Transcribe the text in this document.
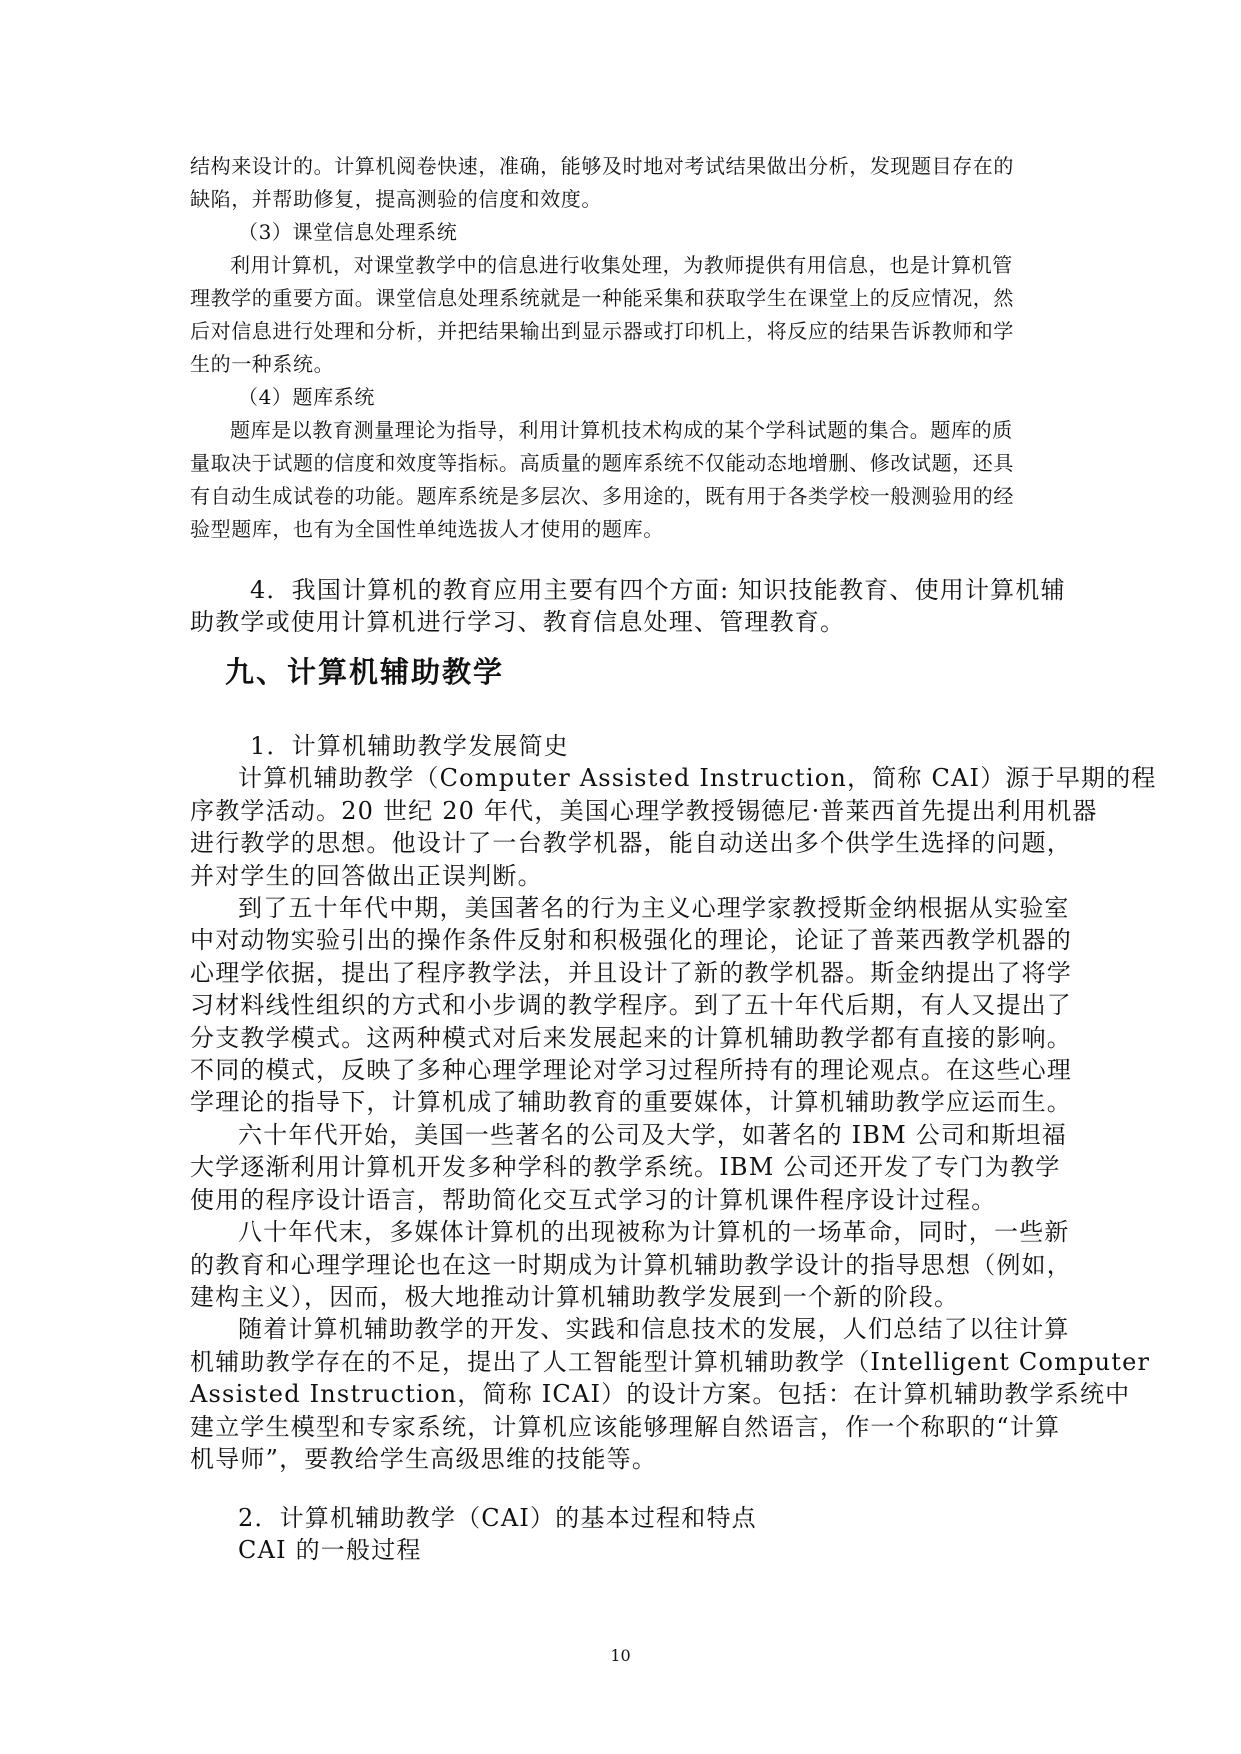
结构来设计的。计算机阅卷快速，准确，能够及时地对考试结果做出分析，发现题目存在的
缺陷，并帮助修复，提高测验的信度和效度。
（3）课堂信息处理系统
利用计算机，对课堂教学中的信息进行收集处理，为教师提供有用信息，也是计算机管
理教学的重要方面。课堂信息处理系统就是一种能采集和获取学生在课堂上的反应情况，然
后对信息进行处理和分析，并把结果输出到显示器或打印机上，将反应的结果告诉教师和学
生的一种系统。
（4）题库系统
题库是以教育测量理论为指导，利用计算机技术构成的某个学科试题的集合。题库的质
量取决于试题的信度和效度等指标。高质量的题库系统不仅能动态地增删、修改试题，还具
有自动生成试卷的功能。题库系统是多层次、多用途的，既有用于各类学校一般测验用的经
验型题库，也有为全国性单纯选拔人才使用的题库。
4．我国计算机的教育应用主要有四个方面: 知识技能教育、使用计算机辅
助教学或使用计算机进行学习、教育信息处理、管理教育。
九、计算机辅助教学
1．计算机辅助教学发展简史
计算机辅助教学（Computer Assisted Instruction，简称 CAI）源于早期的程
序教学活动。20 世纪 20 年代，美国心理学教授锡德尼·普莱西首先提出利用机器
进行教学的思想。他设计了一台教学机器，能自动送出多个供学生选择的问题，
并对学生的回答做出正误判断。
到了五十年代中期，美国著名的行为主义心理学家教授斯金纳根据从实验室
中对动物实验引出的操作条件反射和积极强化的理论，论证了普莱西教学机器的
心理学依据，提出了程序教学法，并且设计了新的教学机器。斯金纳提出了将学
习材料线性组织的方式和小步调的教学程序。到了五十年代后期，有人又提出了
分支教学模式。这两种模式对后来发展起来的计算机辅助教学都有直接的影响。
不同的模式，反映了多种心理学理论对学习过程所持有的理论观点。在这些心理
学理论的指导下，计算机成了辅助教育的重要媒体，计算机辅助教学应运而生。
六十年代开始，美国一些著名的公司及大学，如著名的 IBM 公司和斯坦福
大学逐渐利用计算机开发多种学科的教学系统。IBM 公司还开发了专门为教学
使用的程序设计语言，帮助简化交互式学习的计算机课件程序设计过程。
八十年代末，多媒体计算机的出现被称为计算机的一场革命，同时，一些新
的教育和心理学理论也在这一时期成为计算机辅助教学设计的指导思想（例如，
建构主义），因而，极大地推动计算机辅助教学发展到一个新的阶段。
随着计算机辅助教学的开发、实践和信息技术的发展，人们总结了以往计算
机辅助教学存在的不足，提出了人工智能型计算机辅助教学（Intelligent Computer
Assisted Instruction，简称 ICAI）的设计方案。包括：在计算机辅助教学系统中
建立学生模型和专家系统，计算机应该能够理解自然语言，作一个称职的“计算
机导师”，要教给学生高级思维的技能等。
2．计算机辅助教学（CAI）的基本过程和特点
CAI 的一般过程
10
